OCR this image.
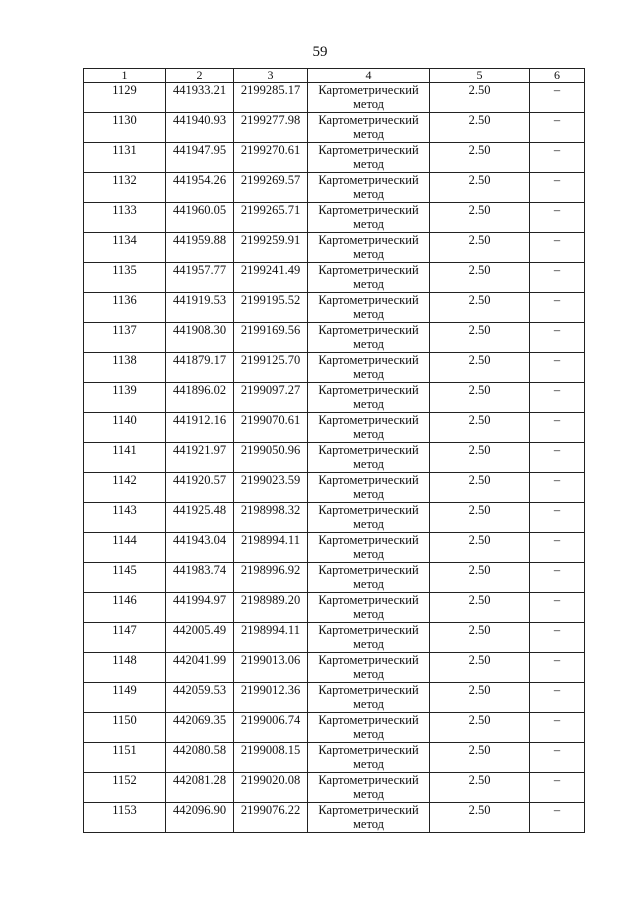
59
1	2	3	4	5	6
1129	441933.21	2199285.17	Картометрический метод	2.50	–
1130	441940.93	2199277.98	Картометрический метод	2.50	–
1131	441947.95	2199270.61	Картометрический метод	2.50	–
1132	441954.26	2199269.57	Картометрический метод	2.50	–
1133	441960.05	2199265.71	Картометрический метод	2.50	–
1134	441959.88	2199259.91	Картометрический метод	2.50	–
1135	441957.77	2199241.49	Картометрический метод	2.50	–
1136	441919.53	2199195.52	Картометрический метод	2.50	–
1137	441908.30	2199169.56	Картометрический метод	2.50	–
1138	441879.17	2199125.70	Картометрический метод	2.50	–
1139	441896.02	2199097.27	Картометрический метод	2.50	–
1140	441912.16	2199070.61	Картометрический метод	2.50	–
1141	441921.97	2199050.96	Картометрический метод	2.50	–
1142	441920.57	2199023.59	Картометрический метод	2.50	–
1143	441925.48	2198998.32	Картометрический метод	2.50	–
1144	441943.04	2198994.11	Картометрический метод	2.50	–
1145	441983.74	2198996.92	Картометрический метод	2.50	–
1146	441994.97	2198989.20	Картометрический метод	2.50	–
1147	442005.49	2198994.11	Картометрический метод	2.50	–
1148	442041.99	2199013.06	Картометрический метод	2.50	–
1149	442059.53	2199012.36	Картометрический метод	2.50	–
1150	442069.35	2199006.74	Картометрический метод	2.50	–
1151	442080.58	2199008.15	Картометрический метод	2.50	–
1152	442081.28	2199020.08	Картометрический метод	2.50	–
1153	442096.90	2199076.22	Картометрический метод	2.50	–
